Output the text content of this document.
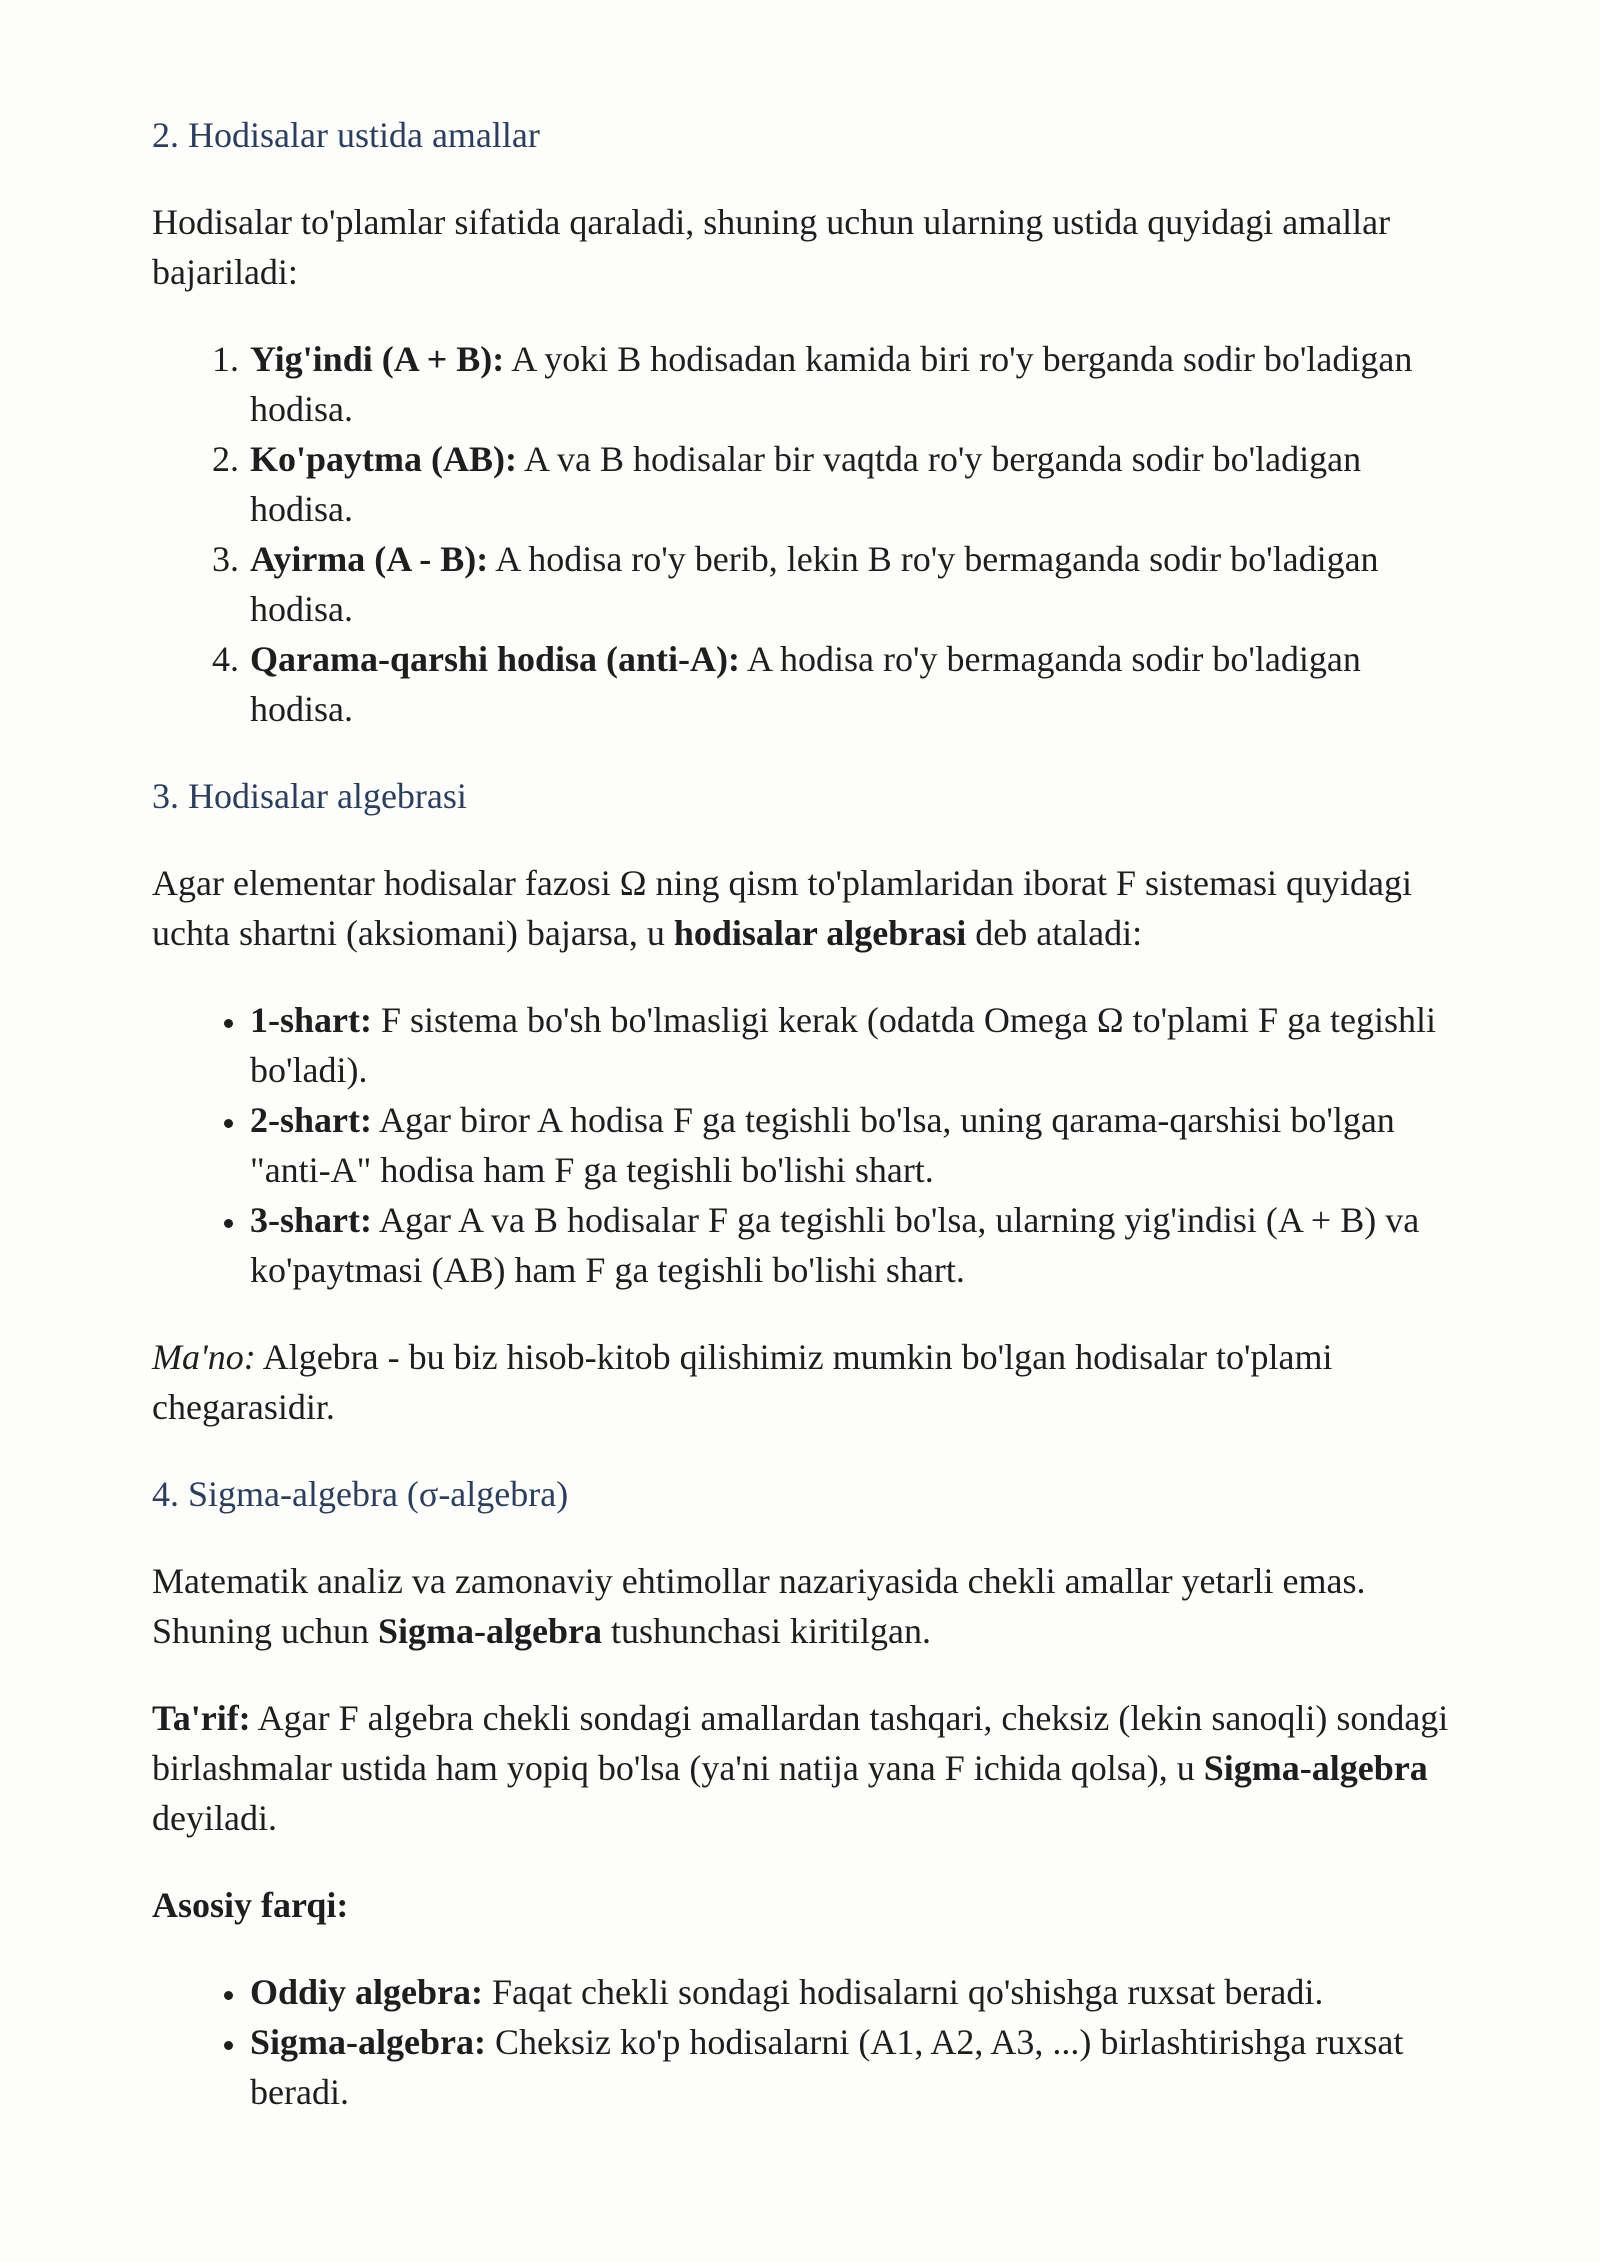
2. Hodisalar ustida amallar

Hodisalar to'plamlar sifatida qaraladi, shuning uchun ularning ustida quyidagi amallar bajariladi:

1. Yig'indi (A + B): A yoki B hodisadan kamida biri ro'y berganda sodir bo'ladigan hodisa.
2. Ko'paytma (AB): A va B hodisalar bir vaqtda ro'y berganda sodir bo'ladigan hodisa.
3. Ayirma (A - B): A hodisa ro'y berib, lekin B ro'y bermaganda sodir bo'ladigan hodisa.
4. Qarama-qarshi hodisa (anti-A): A hodisa ro'y bermaganda sodir bo'ladigan hodisa.
3. Hodisalar algebrasi

Agar elementar hodisalar fazosi Ω ning qism to'plamlaridan iborat F sistemasi quyidagi uchta shartni (aksiomani) bajarsa, u hodisalar algebrasi deb ataladi:

• 1-shart: F sistema bo'sh bo'lmasligi kerak (odatda Omega Ω to'plami F ga tegishli bo'ladi).
• 2-shart: Agar biror A hodisa F ga tegishli bo'lsa, uning qarama-qarshisi bo'lgan "anti-A" hodisa ham F ga tegishli bo'lishi shart.
• 3-shart: Agar A va B hodisalar F ga tegishli bo'lsa, ularning yig'indisi (A + B) va ko'paytmasi (AB) ham F ga tegishli bo'lishi shart.

Ma'no: Algebra - bu biz hisob-kitob qilishimiz mumkin bo'lgan hodisalar to'plami chegarasidir.

4. Sigma-algebra (σ-algebra)

Matematik analiz va zamonaviy ehtimollar nazariyasida chekli amallar yetarli emas. Shuning uchun Sigma-algebra tushunchasi kiritilgan.

Ta'rif: Agar F algebra chekli sondagi amallardan tashqari, cheksiz (lekin sanoqli) sondagi birlashmalar ustida ham yopiq bo'lsa (ya'ni natija yana F ichida qolsa), u Sigma-algebra deyiladi.

Asosiy farqi:

• Oddiy algebra: Faqat chekli sondagi hodisalarni qo'shishga ruxsat beradi.
• Sigma-algebra: Cheksiz ko'p hodisalarni (A1, A2, A3, ...) birlashtirishga ruxsat beradi.
